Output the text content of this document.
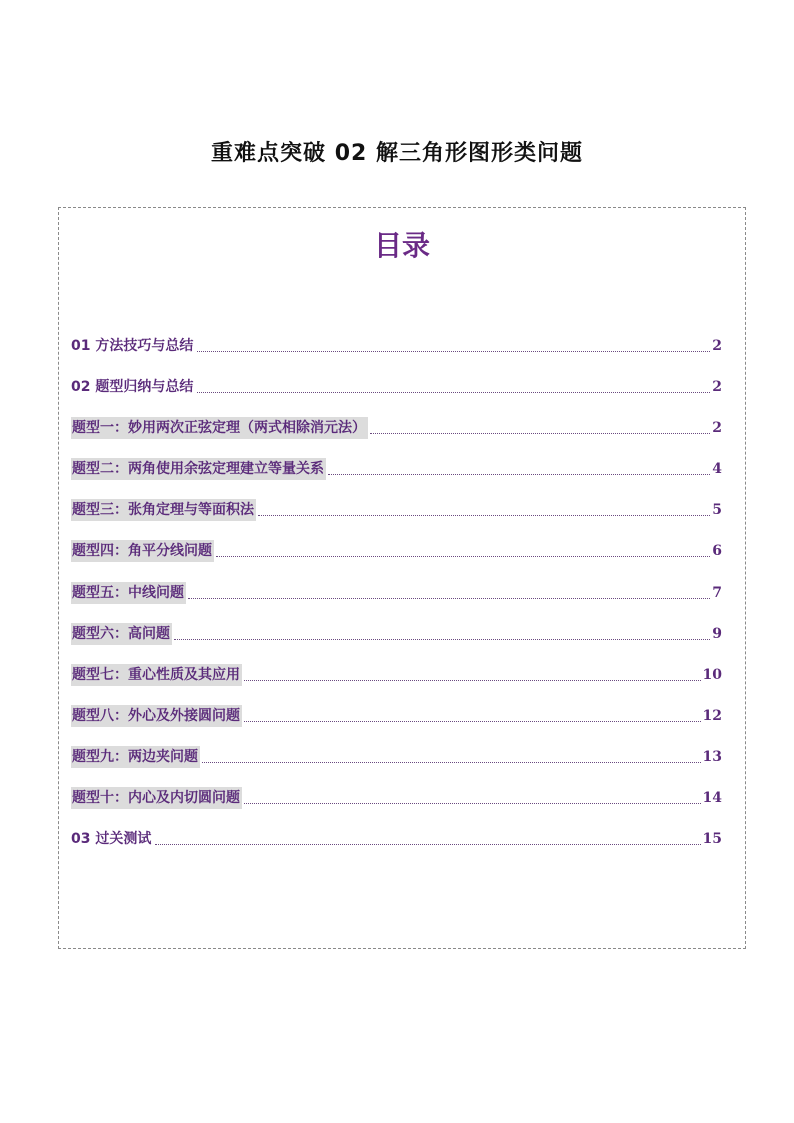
重难点突破 02 解三角形图形类问题
目录
01 方法技巧与总结	2
02 题型归纳与总结	2
题型一：妙用两次正弦定理（两式相除消元法）	2
题型二：两角使用余弦定理建立等量关系	4
题型三：张角定理与等面积法	5
题型四：角平分线问题	6
题型五：中线问题	7
题型六：高问题	9
题型七：重心性质及其应用	10
题型八：外心及外接圆问题	12
题型九：两边夹问题	13
题型十：内心及内切圆问题	14
03 过关测试	15
